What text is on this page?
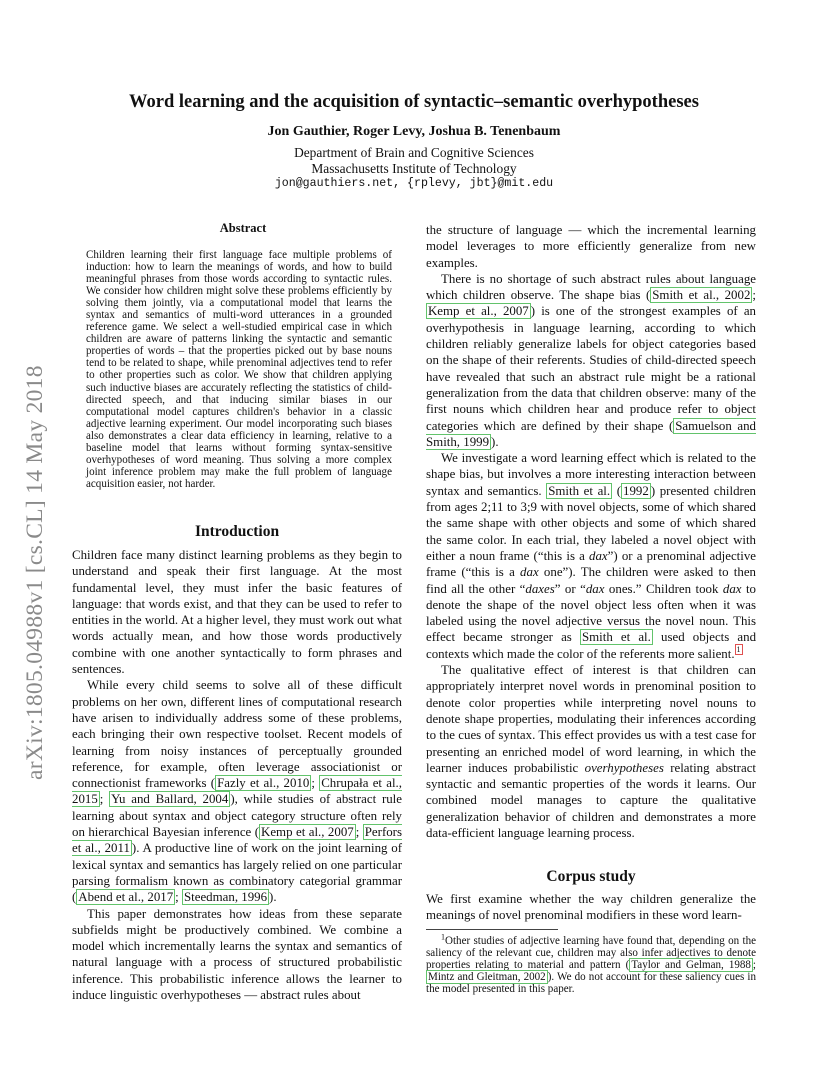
arXiv:1805.04988v1 [cs.CL] 14 May 2018
Word learning and the acquisition of syntactic–semantic overhypotheses
Jon Gauthier, Roger Levy, Joshua B. Tenenbaum
Department of Brain and Cognitive Sciences
Massachusetts Institute of Technology
jon@gauthiers.net, {rplevy, jbt}@mit.edu
Abstract
Children learning their first language face multiple problems of induction: how to learn the meanings of words, and how to build meaningful phrases from those words according to syntactic rules. We consider how children might solve these problems efficiently by solving them jointly, via a computational model that learns the syntax and semantics of multi-word utterances in a grounded reference game. We select a well-studied empirical case in which children are aware of patterns linking the syntactic and semantic properties of words – that the properties picked out by base nouns tend to be related to shape, while prenominal adjectives tend to refer to other properties such as color. We show that children applying such inductive biases are accurately reflecting the statistics of child-directed speech, and that inducing similar biases in our computational model captures children's behavior in a classic adjective learning experiment. Our model incorporating such biases also demonstrates a clear data efficiency in learning, relative to a baseline model that learns without forming syntax-sensitive overhypotheses of word meaning. Thus solving a more complex joint inference problem may make the full problem of language acquisition easier, not harder.
Introduction

Children face many distinct learning problems as they begin to understand and speak their first language. At the most fundamental level, they must infer the basic features of language: that words exist, and that they can be used to refer to entities in the world. At a higher level, they must work out what words actually mean, and how those words productively combine with one another syntactically to form phrases and sentences.

While every child seems to solve all of these difficult problems on her own, different lines of computational research have arisen to individually address some of these problems, each bringing their own respective toolset. Recent models of learning from noisy instances of perceptually grounded reference, for example, often leverage associationist or connectionist frameworks ( Fazly et al., 2010 ; Chrupała et al., 2015 ; Yu and Ballard, 2004 ), while studies of abstract rule learning about syntax and object category structure often rely on hierarchical Bayesian inference ( Kemp et al., 2007 ; Perfors et al., 2011 ). A productive line of work on the joint learning of lexical syntax and semantics has largely relied on one particular parsing formalism known as combinatory categorial grammar ( Abend et al., 2017 ; Steedman, 1996 ).

This paper demonstrates how ideas from these separate subfields might be productively combined. We combine a model which incrementally learns the syntax and semantics of natural language with a process of structured probabilistic inference. This probabilistic inference allows the learner to induce linguistic overhypotheses — abstract rules about

the structure of language — which the incremental learning model leverages to more efficiently generalize from new examples.

There is no shortage of such abstract rules about language which children observe. The shape bias ( Smith et al., 2002 ; Kemp et al., 2007 ) is one of the strongest examples of an overhypothesis in language learning, according to which children reliably generalize labels for object categories based on the shape of their referents. Studies of child-directed speech have revealed that such an abstract rule might be a rational generalization from the data that children observe: many of the first nouns which children hear and produce refer to object categories which are defined by their shape ( Samuelson and Smith, 1999 ).

We investigate a word learning effect which is related to the shape bias, but involves a more interesting interaction between syntax and semantics. Smith et al. ( 1992 ) presented children from ages 2;11 to 3;9 with novel objects, some of which shared the same shape with other objects and some of which shared the same color. In each trial, they labeled a novel object with either a noun frame (“this is a dax”) or a prenominal adjective frame (“this is a dax one”). The children were asked to then find all the other “daxes” or “dax ones.” Children took dax to denote the shape of the novel object less often when it was labeled using the novel adjective versus the novel noun. This effect became stronger as Smith et al. used objects and contexts which made the color of the referents more salient. $^1$

The qualitative effect of interest is that children can appropriately interpret novel words in prenominal position to denote color properties while interpreting novel nouns to denote shape properties, modulating their inferences according to the cues of syntax. This effect provides us with a test case for presenting an enriched model of word learning, in which the learner induces probabilistic overhypotheses relating abstract syntactic and semantic properties of the words it learns. Our combined model manages to capture the qualitative generalization behavior of children and demonstrates a more data-efficient language learning process.

Corpus study

We first examine whether the way children generalize the meanings of novel prenominal modifiers in these word learn-

$^1$Other studies of adjective learning have found that, depending on the saliency of the relevant cue, children may also infer adjectives to denote properties relating to material and pattern ( Taylor and Gelman, 1988 ; Mintz and Gleitman, 2002 ). We do not account for these saliency cues in the model presented in this paper.
